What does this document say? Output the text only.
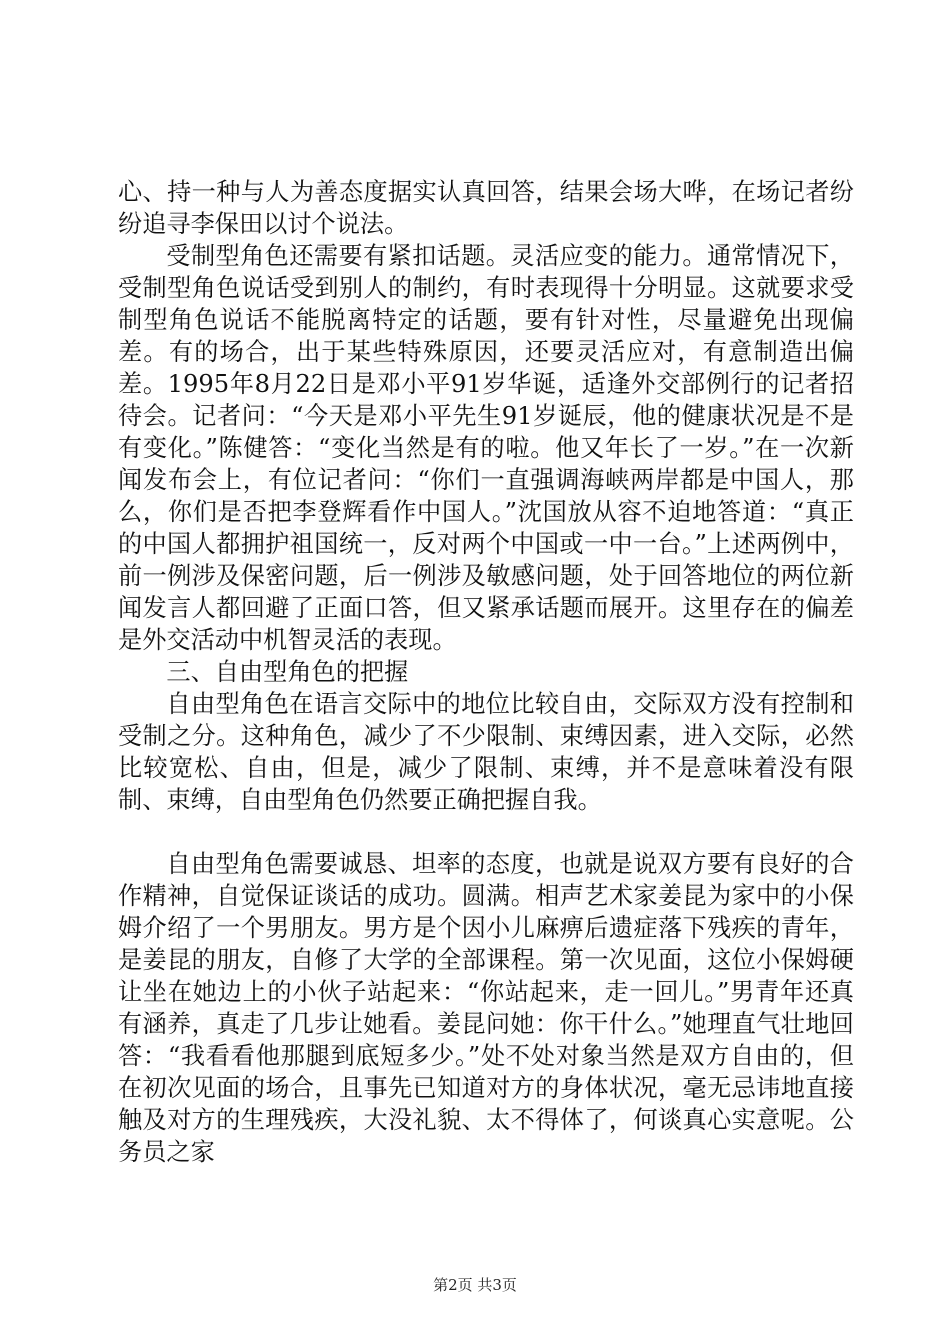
心、持一种与人为善态度据实认真回答，结果会场大哗，在场记者纷纷追寻李保田以讨个说法。

受制型角色还需要有紧扣话题。灵活应变的能力。通常情况下，受制型角色说话受到别人的制约，有时表现得十分明显。这就要求受制型角色说话不能脱离特定的话题，要有针对性，尽量避免出现偏差。有的场合，出于某些特殊原因，还要灵活应对，有意制造出偏差。1995年8月22日是邓小平91岁华诞，适逢外交部例行的记者招待会。记者问：“今天是邓小平先生91岁诞辰，他的健康状况是不是有变化。”陈健答：“变化当然是有的啦。他又年长了一岁。”在一次新闻发布会上，有位记者问：“你们一直强调海峡两岸都是中国人，那么，你们是否把李登辉看作中国人。”沈国放从容不迫地答道：“真正的中国人都拥护祖国统一，反对两个中国或一中一台。”上述两例中，前一例涉及保密问题，后一例涉及敏感问题，处于回答地位的两位新闻发言人都回避了正面口答，但又紧承话题而展开。这里存在的偏差是外交活动中机智灵活的表现。

三、自由型角色的把握

自由型角色在语言交际中的地位比较自由，交际双方没有控制和受制之分。这种角色，减少了不少限制、束缚因素，进入交际，必然比较宽松、自由，但是，减少了限制、束缚，并不是意味着没有限制、束缚，自由型角色仍然要正确把握自我。

自由型角色需要诚恳、坦率的态度，也就是说双方要有良好的合作精神，自觉保证谈话的成功。圆满。相声艺术家姜昆为家中的小保姆介绍了一个男朋友。男方是个因小儿麻痹后遗症落下残疾的青年，是姜昆的朋友，自修了大学的全部课程。第一次见面，这位小保姆硬让坐在她边上的小伙子站起来：“你站起来，走一回儿。”男青年还真有涵养，真走了几步让她看。姜昆问她：你干什么。”她理直气壮地回答：“我看看他那腿到底短多少。”处不处对象当然是双方自由的，但在初次见面的场合，且事先已知道对方的身体状况，毫无忌讳地直接触及对方的生理残疾，大没礼貌、太不得体了，何谈真心实意呢。公务员之家

第2页 共3页
